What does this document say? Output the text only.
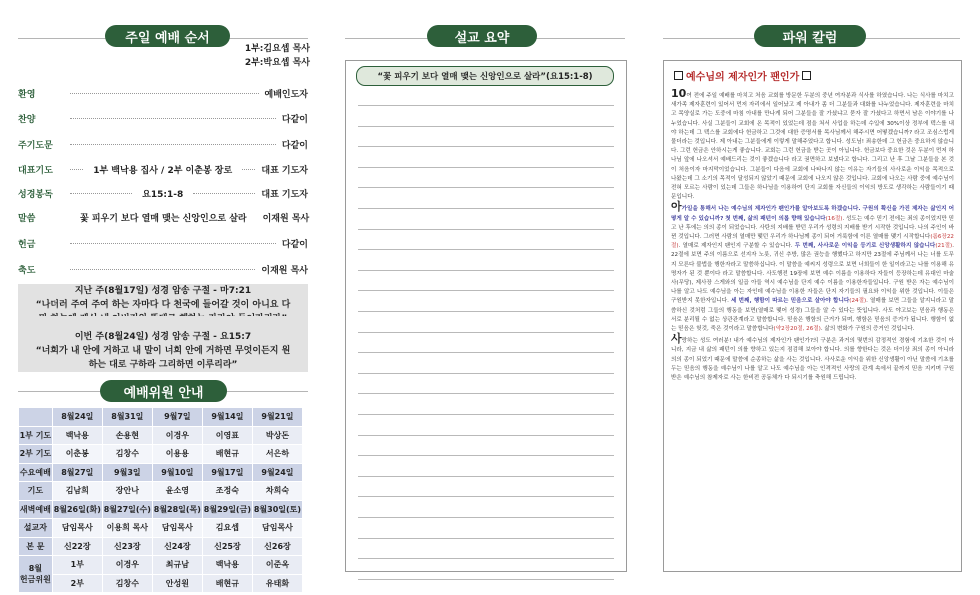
주일 예배 순서
1부:김요셉 목사
2부:박요셉 목사
환영	예배인도자
찬양	다같이
주기도문	다같이
대표기도	1부 백낙용 집사 / 2부 이춘봉 장로	대표 기도자
성경봉독	요15:1-8	대표 기도자
말씀	꽃 피우기 보다 열매 맺는 신앙인으로 살라	이재원 목사
헌금	다같이
축도	이재원 목사
지난 주(8월17일) 성경 암송 구절 - 마7:21
“나더러 주여 주여 하는 자마다 다 천국에 들어갈 것이 아니요 다
이번 주(8월24일) 성경 암송 구절 - 요15:7
“너희가 내 안에 거하고 내 말이 너희 안에 거하면 무엇이든지 원하는 대로 구하라 그리하면 이루리라”
예배위원 안내
	8월24일	8월31일	9월7일	9월14일	9월21일
1부 기도	백낙용	손용현	이경우	이영표	박상돈
2부 기도	이춘봉	김창수	이용용	배현규	서은하
수요예배	8월27일	9월3일	9월10일	9월17일	9월24일
기도	김남희	장안나	윤소영	조정숙	차희숙
새벽예배	8월26일(화)	8월27일(수)	8월28일(목)	8월29일(금)	8월30일(토)
설교자	담임목사	이용희 목사	담임목사	김요셉	담임목사
본 문	신22장	신23장	신24장	신25장	신26장
8월
헌금위원	1부	이경우	최규남	백낙용	이준옥
	2부	김창수	안성원	배현규	유태화
설교 요약
“꽃 피우기 보다 열매 맺는 신앙인으로 살라”(요15:1-8)
파워 칼럼
예수님의 제자인가 팬인가

10여 전에 주일 예배를 마치고 처음 교회를 방문한 두분의 중년 여자분과 식사를 하였습니다. 나는 식사를 마치고 새가족 제자훈련이 있어서 먼저 자리에서 일어났고 제 아내가 좀 더 그분들과 대화를 나누었습니다. 제자훈련을 마치고 목양실로 가는 도중에 마침 아내를 만나게 되어 그분들을 잘 가셨냐고 묻자 잘 가셨다고 하면서 남은 이야기를 나누었습니다. 사실 그분들이 교회에 온 목적이 있었는데 점을 쳐서 사업을 하는데 수입에 30%이상 정부에 텍스를 내야 하는데 그 텍스를 교회에다 헌금하고 그것에 대한 증명서를 목사님께서 해주시면 어떻겠습니까? 라고 조심스럽게 물더라는 것입니다. 제 아내는 그분들에게 이렇게 말해주었다고 합니다. 성도님! 죄송한데 그 헌금은 중요하지 않습니다. 그런 헌금은 안하시는게 좋습니다. 교회는 그런 헌금을 받는 곳이 아닙니다. 헌금보다 중요한 것은 두분이 먼저 하나님 앞에 나오셔서 예배드리는 것이 좋겠습니다 라고 권면하고 보냈다고 합니다. 그리고 난 후 그날 그분들을 본 것이 처음이자 마지막이었습니다. 그분들이 다음에 교회에 나타나지 않는 이유는 자기들의 사사로운 이익을 목적으로 나왔는데 그 소기의 목적이 달성되지 않았기 때문에 교회에 나오지 않은 것입니다. 교회에 나오는 사람 중에 예수님이 전혀 모르는 사람이 있는데 그들은 하나님을 이용하여 단지 교회를 자신들의 이익의 방도로 생각하는 사람들이기 때문입니다.

아가일을 통해서 나는 예수님의 제자인가 팬인가를 알아보도록 하겠습니다. 구원의 확신을 가진 제자는 삶인지 어떻게 알 수 있습니까? 첫 번째, 삶의 패턴이 의롭 향해 있습니다(16절). 성도는 예수 믿기 전에는 죄의 종이었지만 믿고 난 후에는 의의 종이 되었습니다. 사탄의 지배를 받던 우리가 성령의 지배를 받기 시작한 것입니다. 나의 주인이 바뀐 것입니다. 그러면 사람의 열매만 맺던 우리가 하나님께 종이 되어 거룩함에 이른 열매를 맺기 시작합니다(롬6장22절). 열매로 제자인지 팬인지 구분할 수 있습니다. 두 번째, 사사로운 이익을 등기로 신앙생활하지 않습니다(21절). 22절에 보면 주의 이름으로 선지자 노릇, 귀신 추방, 많은 권능을 행했다고 하지만 23절에 주님께서 나는 너를 도무지 모른다 불법을 행한자라고 말씀하십니다. 이 말씀을 예씨지 성령으로 보면 너희들이 한 일이라고는 나를 이용해 유명자가 된 것 뿐이다 라고 말씀합니다. 사도행전 19장에 보면 예수 이름을 이용하다 자들이 등장하는데 유대인 마술사(무당), 제사장 스게와의 일곱 아들 역시 예수님을 단지 예수 이름을 이용한자들입니다. 구원 받은 자는 예수님이 나를 알고 나도 예수님을 아는 자인데 예수님을 이용한 자들은 단지 자기들의 필요와 이익을 위한 것입니다. 이들은 구원받지 못한자입니다. 세 번째, 행함이 따르는 믿음으로 살아야 합니다(24절). 열매를 보면 그들을 알지니라고 말씀하신 것처럼 그들의 행동을 보면(열매로 맺어 성경) 그들을 알 수 있다는 뜻입니다. 사도 야고보는 믿음과 행동은 서로 분리될 수 없는 상관관계라고 말씀합니다. 믿음은 행함의 근거가 되며, 행함은 믿음의 증거가 됩니다. 행함이 없는 믿음은 헛것, 죽은 것이라고 말씀합니다(약2장20절, 26절). 삶의 변화가 구원의 증거인 것입니다.

사랑하는 성도 여러분! 내가 예수님의 제자인가 팬인가?의 구분은 과거의 몇번의 감정적인 경험에 기초한 것이 아니라, 지금 내 삶의 패턴이 의를 향하고 있는지 점검해 보아야 합니다. 의를 향한다는 것은 더이상 죄의 종이 아니라 의의 종이 되었기 때문에 말씀에 순종하는 삶을 사는 것입니다. 사사로운 이익을 위한 신앙생활이 아닌 말씀에 기초를 두는 믿음의 행동을 예수님이 나를 알고 나도 예수님을 아는 인격적인 사랑의 관계 속에서 끝까지 믿음 지키며 구원 받은 예수님의 참제자로 사는 한비전 공동체가 다 되시기를 축원해 드립니다.
